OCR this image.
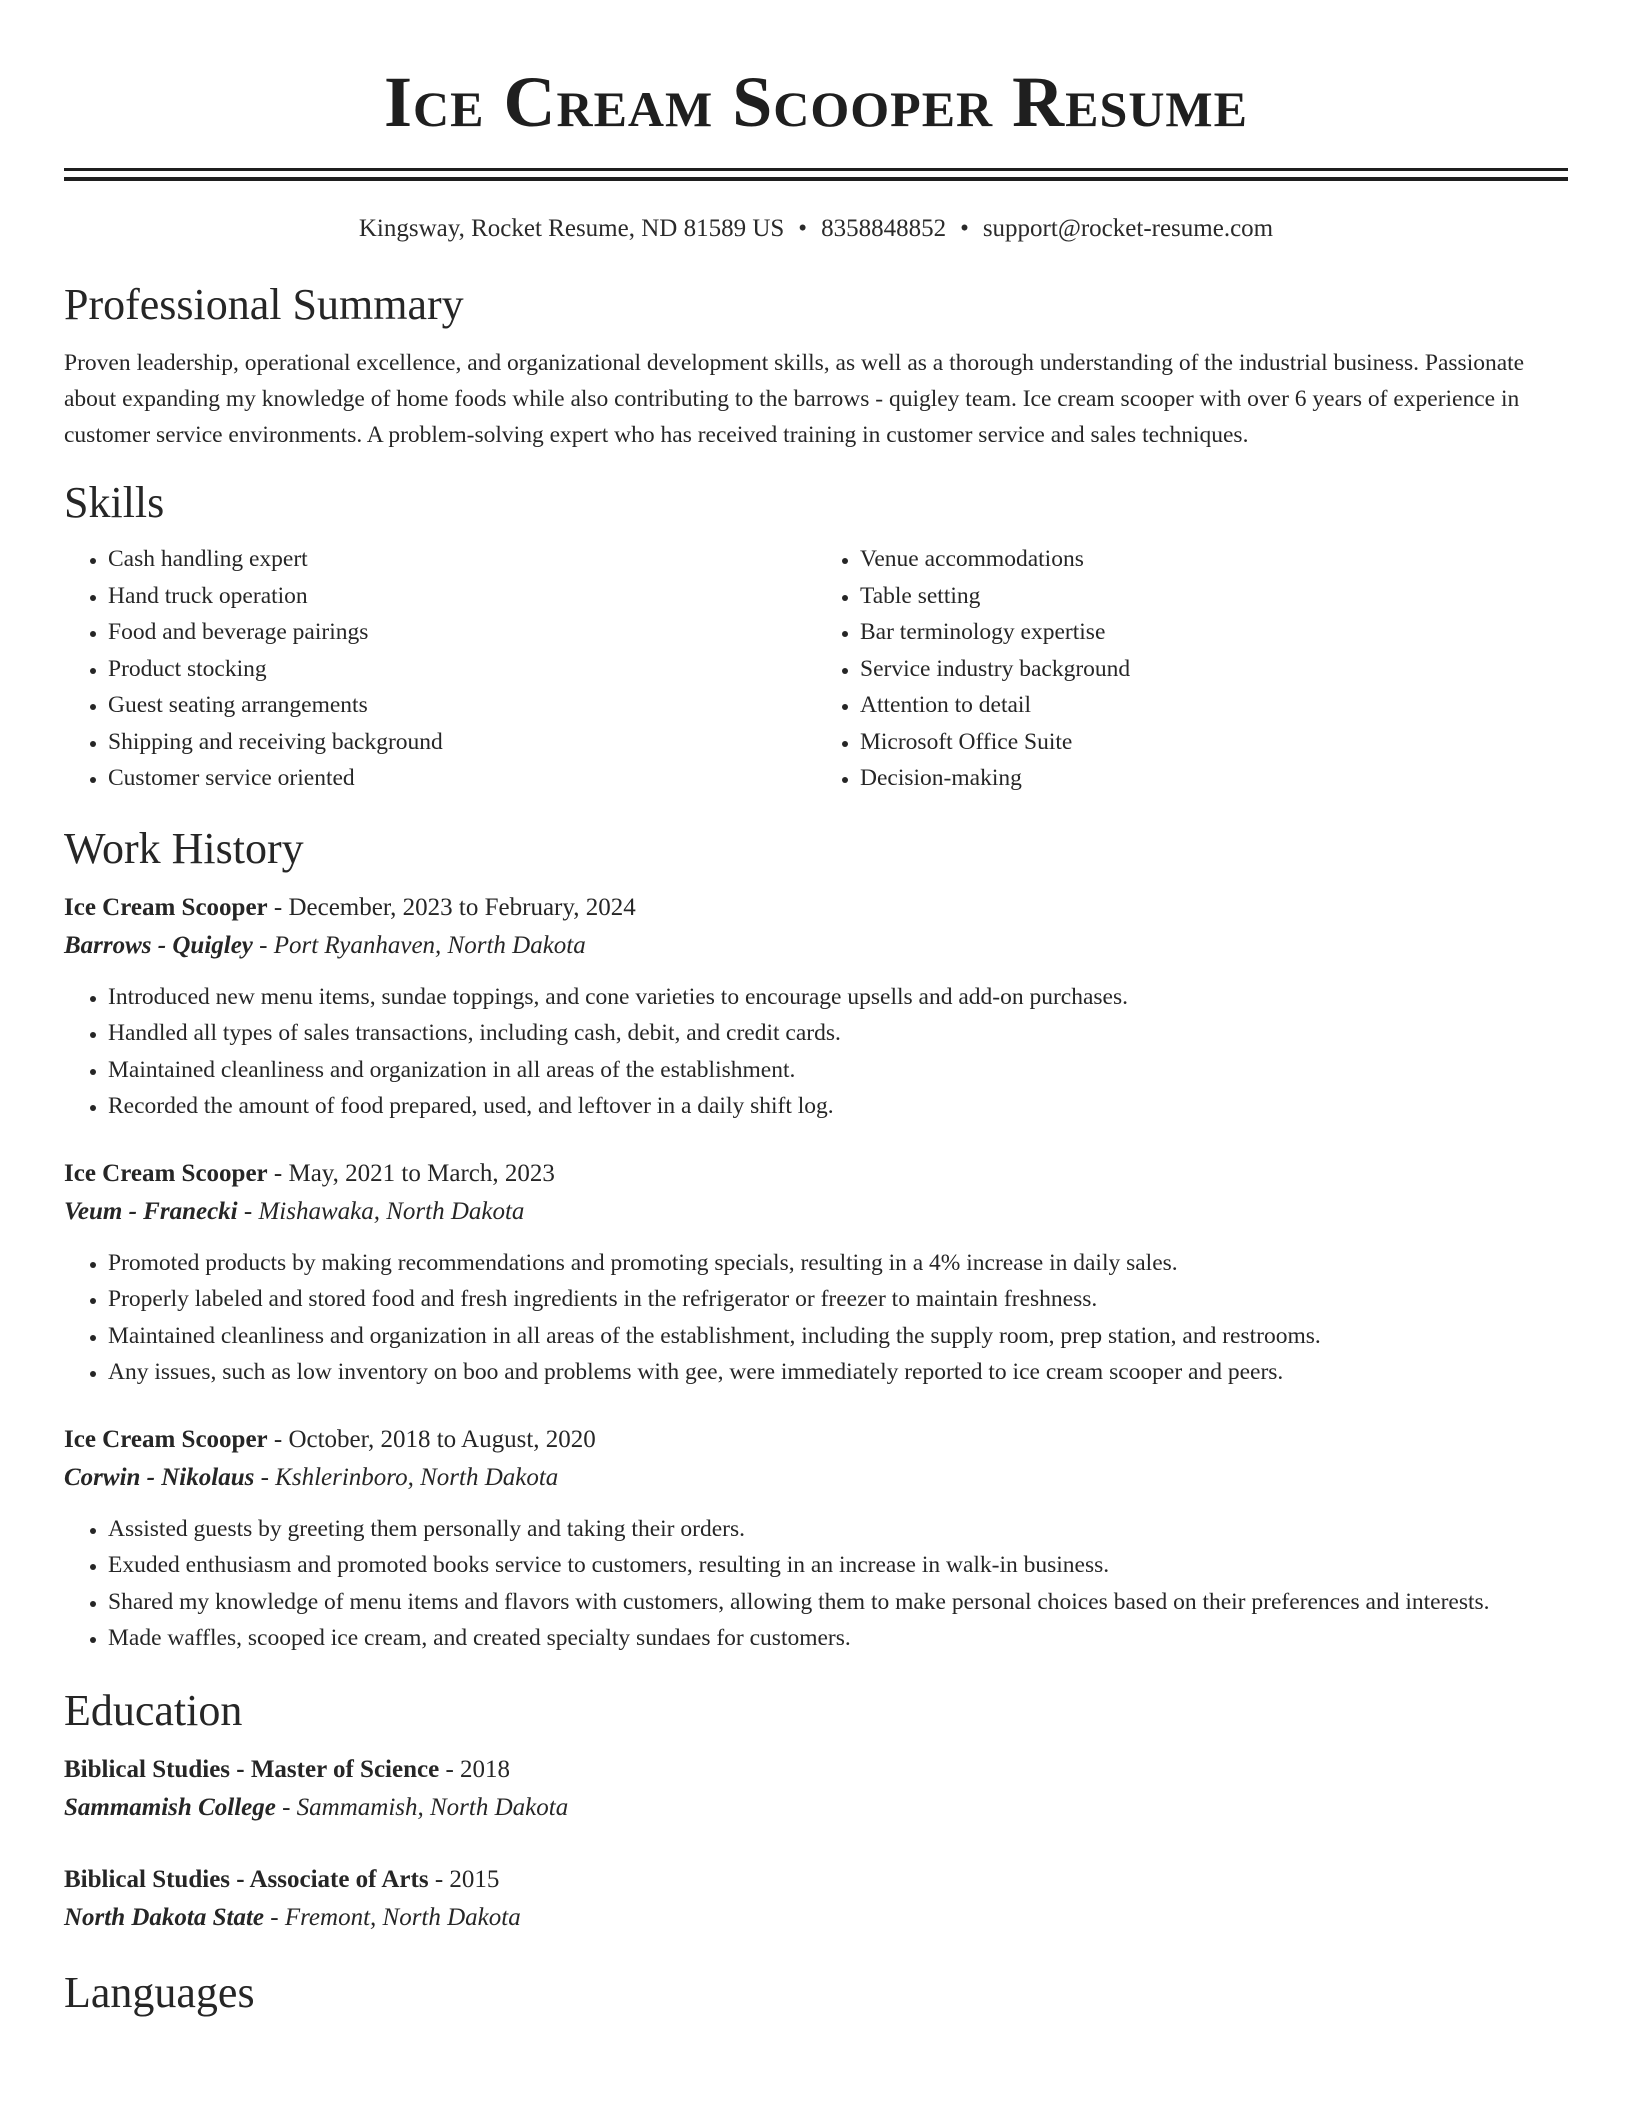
Ice Cream Scooper Resume
Kingsway, Rocket Resume, ND 81589 US • 8358848852 • support@rocket-resume.com
Professional Summary

Proven leadership, operational excellence, and organizational development skills, as well as a thorough understanding of the industrial business. Passionate about expanding my knowledge of home foods while also contributing to the barrows - quigley team. Ice cream scooper with over 6 years of experience in customer service environments. A problem-solving expert who has received training in customer service and sales techniques.

Skills
• Cash handling expert
• Hand truck operation
• Food and beverage pairings
• Product stocking
• Guest seating arrangements
• Shipping and receiving background
• Customer service oriented
• Venue accommodations
• Table setting
• Bar terminology expertise
• Service industry background
• Attention to detail
• Microsoft Office Suite
• Decision-making
Work History
Ice Cream Scooper - December, 2023 to February, 2024
Barrows - Quigley - Port Ryanhaven, North Dakota
• Introduced new menu items, sundae toppings, and cone varieties to encourage upsells and add-on purchases.
• Handled all types of sales transactions, including cash, debit, and credit cards.
• Maintained cleanliness and organization in all areas of the establishment.
• Recorded the amount of food prepared, used, and leftover in a daily shift log.
Ice Cream Scooper - May, 2021 to March, 2023
Veum - Franecki - Mishawaka, North Dakota
• Promoted products by making recommendations and promoting specials, resulting in a 4% increase in daily sales.
• Properly labeled and stored food and fresh ingredients in the refrigerator or freezer to maintain freshness.
• Maintained cleanliness and organization in all areas of the establishment, including the supply room, prep station, and restrooms.
• Any issues, such as low inventory on boo and problems with gee, were immediately reported to ice cream scooper and peers.
Ice Cream Scooper - October, 2018 to August, 2020
Corwin - Nikolaus - Kshlerinboro, North Dakota
• Assisted guests by greeting them personally and taking their orders.
• Exuded enthusiasm and promoted books service to customers, resulting in an increase in walk-in business.
• Shared my knowledge of menu items and flavors with customers, allowing them to make personal choices based on their preferences and interests.
• Made waffles, scooped ice cream, and created specialty sundaes for customers.
Education
Biblical Studies - Master of Science - 2018
Sammamish College - Sammamish, North Dakota
Biblical Studies - Associate of Arts - 2015
North Dakota State - Fremont, North Dakota
Languages
